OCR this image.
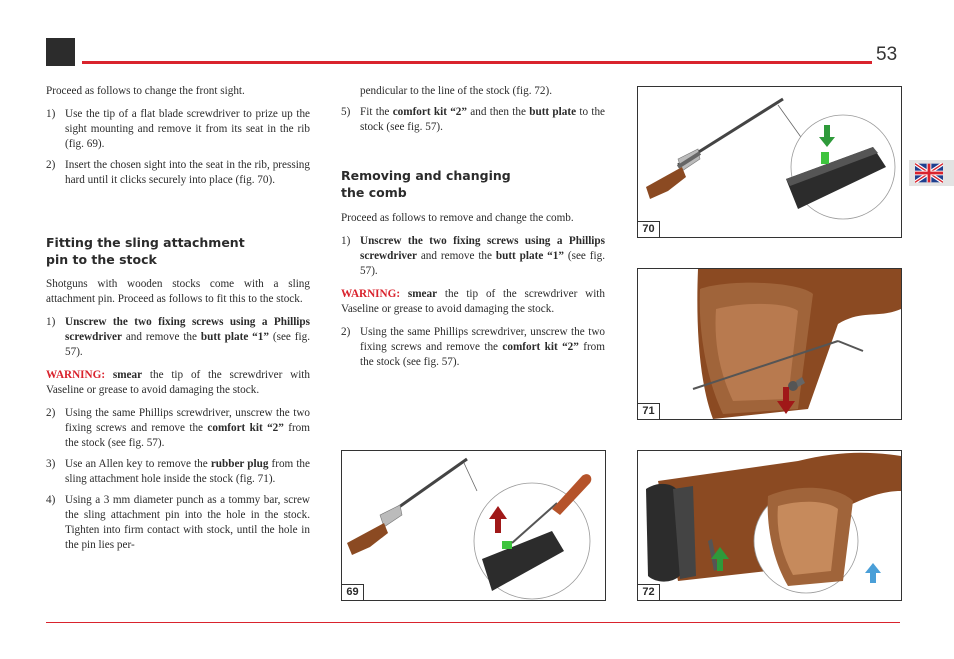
53

Proceed as follows to change the front sight.

1) Use the tip of a flat blade screwdriver to prize up the sight mounting and remove it from its seat in the rib (fig. 69).
2) Insert the chosen sight into the seat in the rib, pressing hard until it clicks securely into place (fig. 70).
Fitting the sling attachment
pin to the stock

Shotguns with wooden stocks come with a sling attachment pin. Proceed as follows to fit this to the stock.

1) Unscrew the two fixing screws using a Phillips screwdriver and remove the butt plate “1” (see fig. 57).

WARNING: smear the tip of the screwdriver with Vaseline or grease to avoid damaging the stock.

2) Using the same Phillips screwdriver, unscrew the two fixing screws and remove the comfort kit “2” from the stock (see fig. 57).
3) Use an Allen key to remove the rubber plug from the sling attachment hole inside the stock (fig. 71).
4) Using a 3 mm diameter punch as a tommy bar, screw the sling attachment pin into the hole in the stock. Tighten into firm contact with stock, until the hole in the pin lies per-
pendicular to the line of the stock (fig. 72).
5) Fit the comfort kit “2” and then the butt plate to the stock (see fig. 57).
Removing and changing
the comb

Proceed as follows to remove and change the comb.

1) Unscrew the two fixing screws using a Phillips screwdriver and remove the butt plate “1” (see fig. 57).

WARNING: smear the tip of the screwdriver with Vaseline or grease to avoid damaging the stock.

2) Using the same Phillips screwdriver, unscrew the two fixing screws and remove the comfort kit “2” from the stock (see fig. 57).
70
71
69	72
